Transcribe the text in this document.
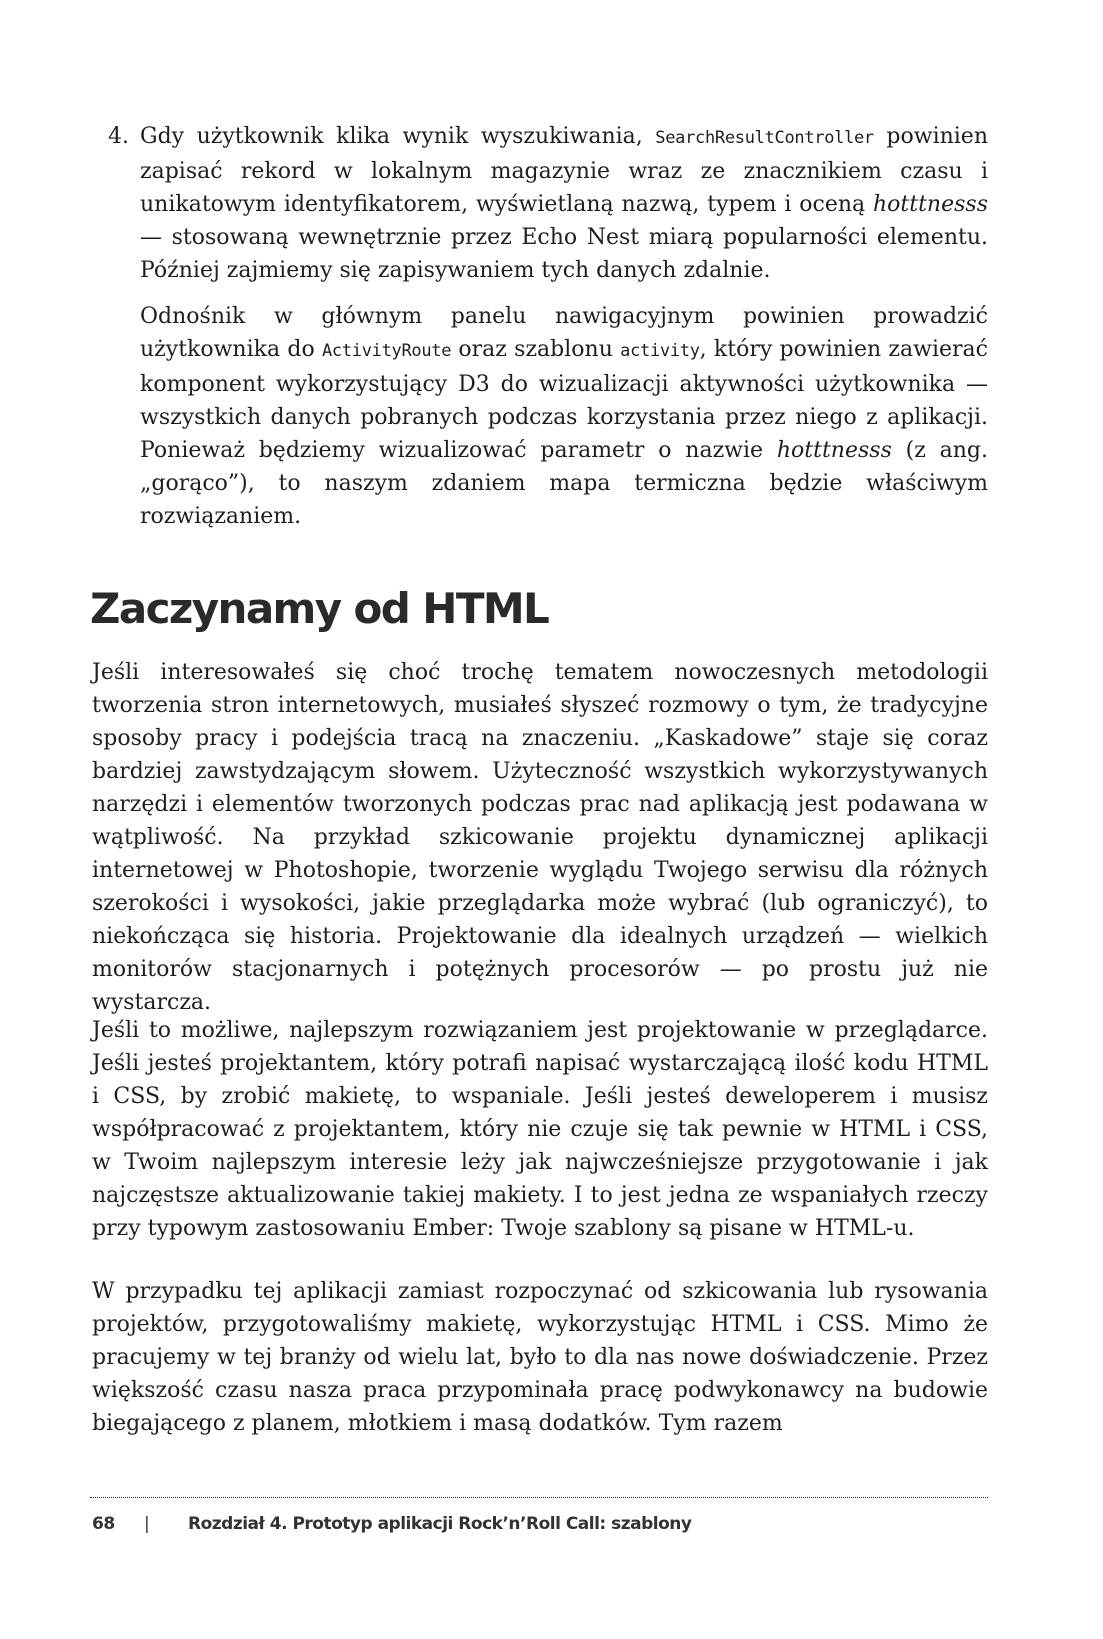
4. Gdy użytkownik klika wynik wyszukiwania, SearchResultController powinien zapisać rekord w lokalnym magazynie wraz ze znacznikiem czasu i unikatowym identyfikatorem, wyświetlaną nazwą, typem i oceną hotttnesss — stosowaną wewnętrznie przez Echo Nest miarą popularności elementu. Później zajmiemy się zapisywaniem tych danych zdalnie.
Odnośnik w głównym panelu nawigacyjnym powinien prowadzić użytkownika do ActivityRoute oraz szablonu activity, który powinien zawierać komponent wykorzystujący D3 do wizualizacji aktywności użytkownika — wszystkich danych pobranych podczas korzystania przez niego z aplikacji. Ponieważ będziemy wizualizować parametr o nazwie hotttnesss (z ang. „gorąco”), to naszym zdaniem mapa termiczna będzie właściwym rozwiązaniem.
Zaczynamy od HTML

Jeśli interesowałeś się choć trochę tematem nowoczesnych metodologii tworzenia stron internetowych, musiałeś słyszeć rozmowy o tym, że tradycyjne sposoby pracy i podejścia tracą na znaczeniu. „Kaskadowe” staje się coraz bardziej zawstydzającym słowem. Użyteczność wszystkich wykorzystywanych narzędzi i elementów tworzonych podczas prac nad aplikacją jest podawana w wątpliwość. Na przykład szkicowanie projektu dynamicznej aplikacji internetowej w Photoshopie, tworzenie wyglądu Twojego serwisu dla różnych szerokości i wysokości, jakie przeglądarka może wybrać (lub ograniczyć), to niekończąca się historia. Projektowanie dla idealnych urządzeń — wielkich monitorów stacjonarnych i potężnych procesorów — po prostu już nie wystarcza.

Jeśli to możliwe, najlepszym rozwiązaniem jest projektowanie w przeglądarce. Jeśli jesteś projektantem, który potrafi napisać wystarczającą ilość kodu HTML i CSS, by zrobić makietę, to wspaniale. Jeśli jesteś deweloperem i musisz współpracować z projektantem, który nie czuje się tak pewnie w HTML i CSS, w Twoim najlepszym interesie leży jak najwcześniejsze przygotowanie i jak najczęstsze aktualizowanie takiej makiety. I to jest jedna ze wspaniałych rzeczy przy typowym zastosowaniu Ember: Twoje szablony są pisane w HTML-u.

W przypadku tej aplikacji zamiast rozpoczynać od szkicowania lub rysowania projektów, przygotowaliśmy makietę, wykorzystując HTML i CSS. Mimo że pracujemy w tej branży od wielu lat, było to dla nas nowe doświadczenie. Przez większość czasu nasza praca przypominała pracę podwykonawcy na budowie biegającego z planem, młotkiem i masą dodatków. Tym razem

68	|	Rozdział 4. Prototyp aplikacji Rock’n’Roll Call: szablony
